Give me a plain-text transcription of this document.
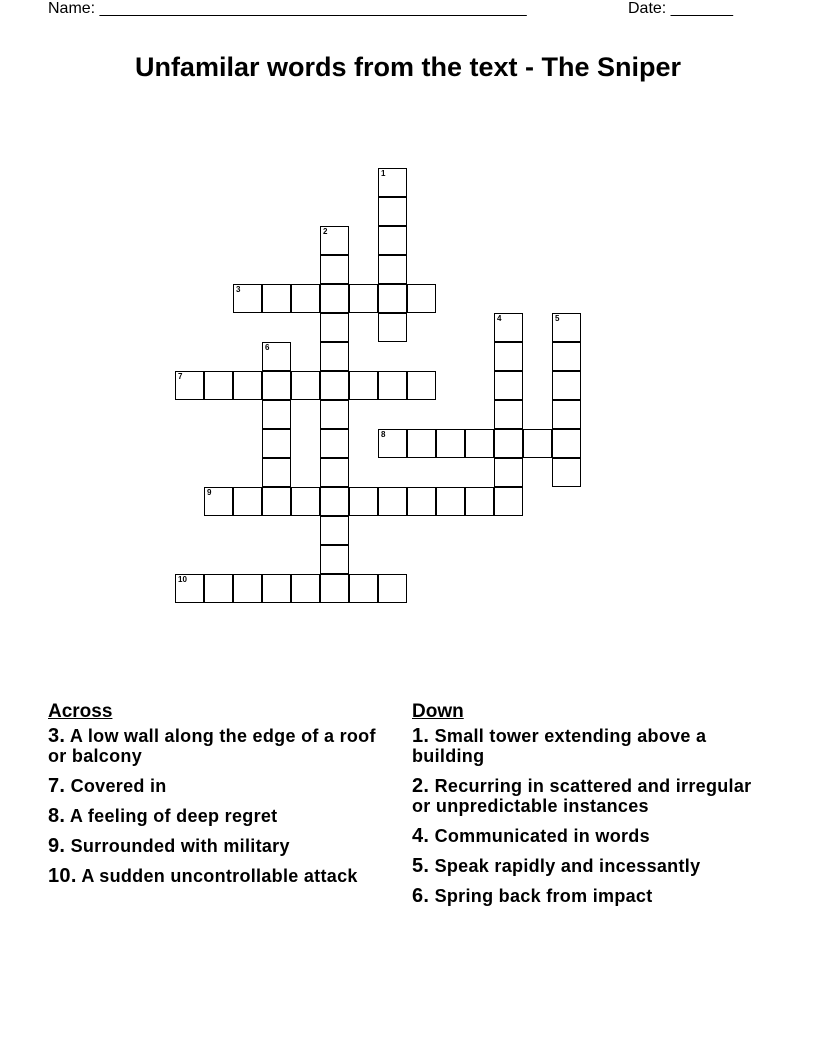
Name: ________________________________________________	Date: _______
Unfamilar words from the text - The Sniper
1
2
3
4	5
6
7
8
9
10
Across
3. A low wall along the edge of a roof or balcony
7. Covered in
8. A feeling of deep regret
9. Surrounded with military
10. A sudden uncontrollable attack
Down
1. Small tower extending above a building
2. Recurring in scattered and irregular or unpredictable instances
4. Communicated in words
5. Speak rapidly and incessantly
6. Spring back from impact
